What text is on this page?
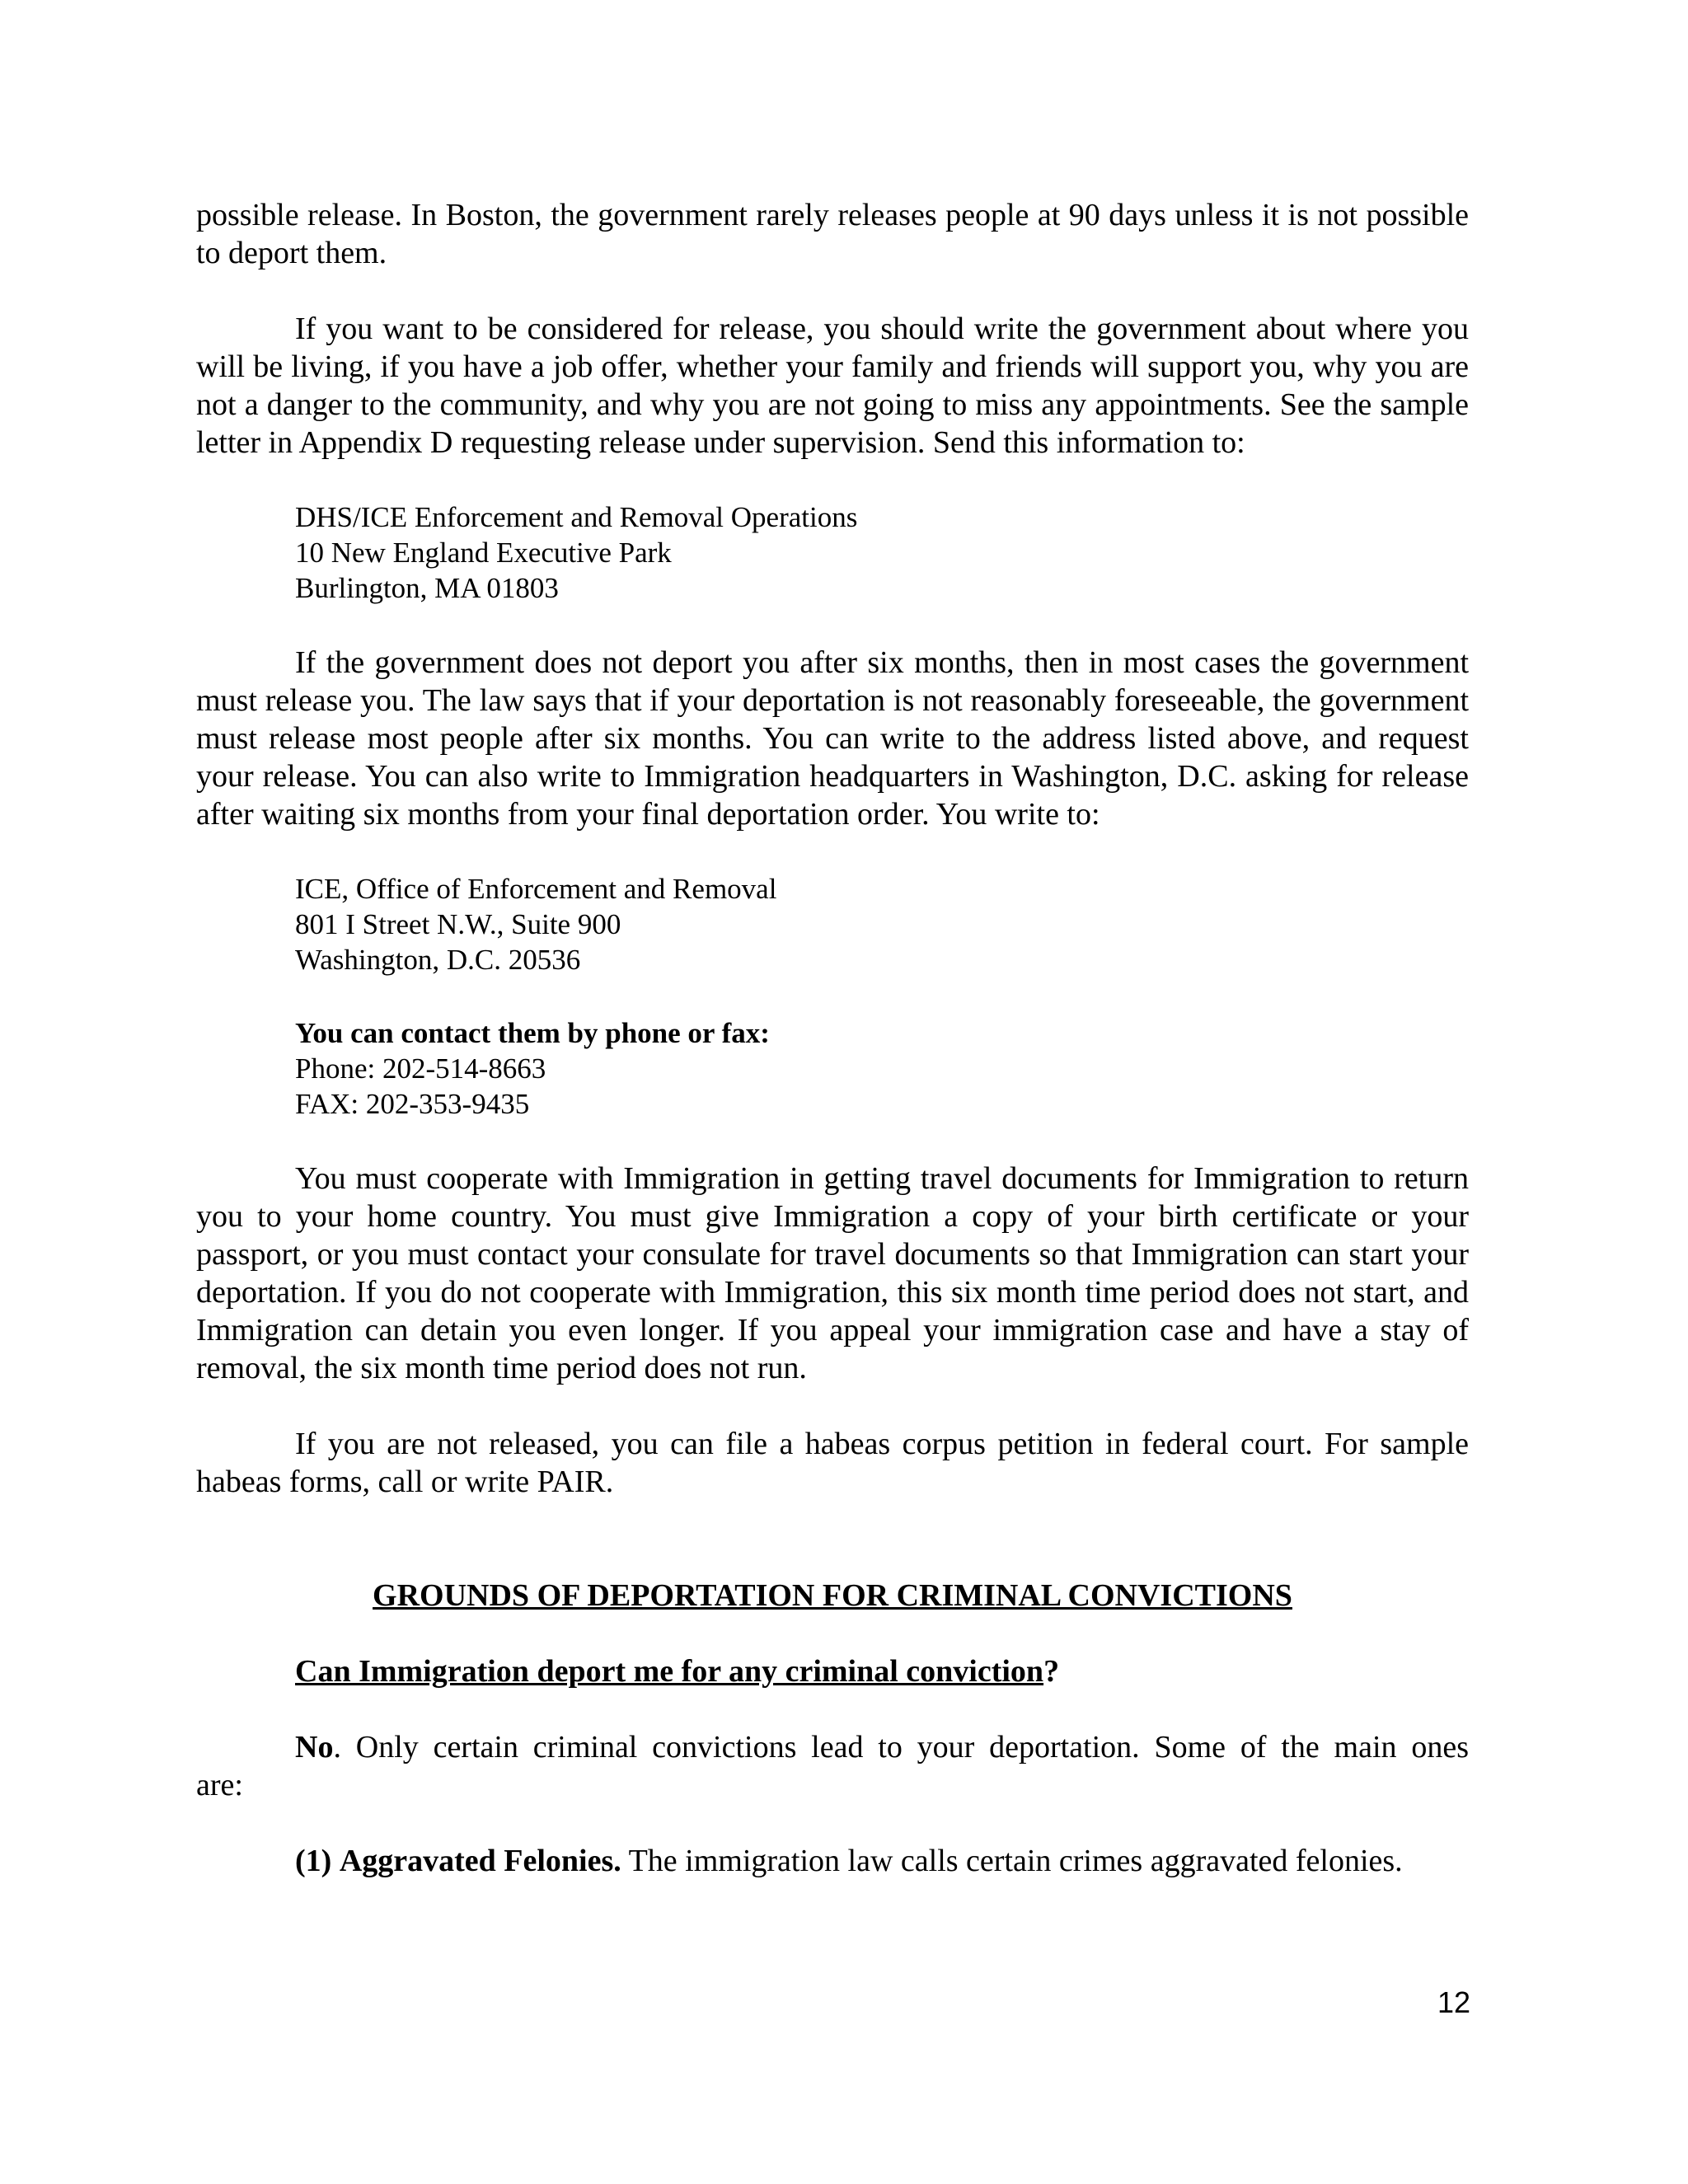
possible release. In Boston, the government rarely releases people at 90 days unless it is not possible to deport them.

If you want to be considered for release, you should write the government about where you will be living, if you have a job offer, whether your family and friends will support you, why you are not a danger to the community, and why you are not going to miss any appointments. See the sample letter in Appendix D requesting release under supervision. Send this information to:

DHS/ICE Enforcement and Removal Operations
10 New England Executive Park
Burlington, MA 01803

If the government does not deport you after six months, then in most cases the government must release you. The law says that if your deportation is not reasonably foreseeable, the government must release most people after six months. You can write to the address listed above, and request your release. You can also write to Immigration headquarters in Washington, D.C. asking for release after waiting six months from your final deportation order. You write to:

ICE, Office of Enforcement and Removal
801 I Street N.W., Suite 900
Washington, D.C. 20536
You can contact them by phone or fax:
Phone: 202-514-8663
FAX: 202-353-9435

You must cooperate with Immigration in getting travel documents for Immigration to return you to your home country. You must give Immigration a copy of your birth certificate or your passport, or you must contact your consulate for travel documents so that Immigration can start your deportation. If you do not cooperate with Immigration, this six month time period does not start, and Immigration can detain you even longer. If you appeal your immigration case and have a stay of removal, the six month time period does not run.

If you are not released, you can file a habeas corpus petition in federal court. For sample habeas forms, call or write PAIR.

GROUNDS OF DEPORTATION FOR CRIMINAL CONVICTIONS

Can Immigration deport me for any criminal conviction?

No. Only certain criminal convictions lead to your deportation. Some of the main ones

are:

(1) Aggravated Felonies. The immigration law calls certain crimes aggravated felonies.

12
